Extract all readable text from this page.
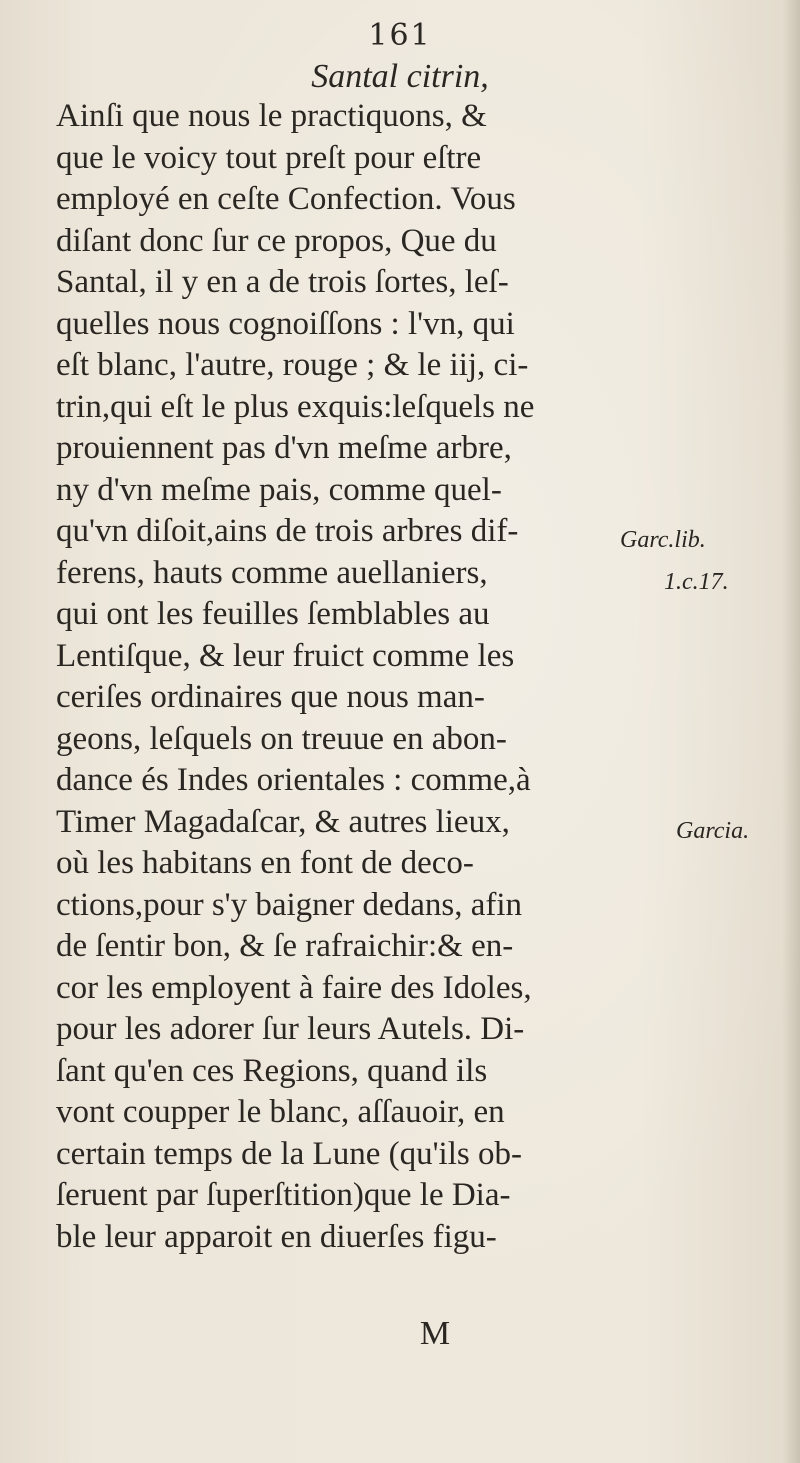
161
Santal citrin,
Ainſi que nous le practiquons, &
que le voicy tout preſt pour eſtre
employé en ceſte Confection. Vous
diſant donc ſur ce propos, Que du
Santal, il y en a de trois ſortes, leſ-
quelles nous cognoiſſons : l'vn, qui
eſt blanc, l'autre, rouge ; & le iij, ci-
trin,qui eſt le plus exquis:leſquels ne
prouiennent pas d'vn meſme arbre,
ny d'vn meſme pais, comme quel-
qu'vn diſoit,ains de trois arbres dif-
ferens, hauts comme auellaniers,
qui ont les feuilles ſemblables au
Lentiſque, & leur fruict comme les
ceriſes ordinaires que nous man-
geons, leſquels on treuue en abon-
dance és Indes orientales : comme,à
Timer Magadaſcar, & autres lieux,
où les habitans en font de deco-
ctions,pour s'y baigner dedans, afin
de ſentir bon, & ſe rafraichir:& en-
cor les employent à faire des Idoles,
pour les adorer ſur leurs Autels. Di-
ſant qu'en ces Regions, quand ils
vont coupper le blanc, aſſauoir, en
certain temps de la Lune (qu'ils ob-
ſeruent par ſuperſtition)que le Dia-
ble leur apparoit en diuerſes figu-
Garc.lib.
1.c.17.
Garcia.
M
